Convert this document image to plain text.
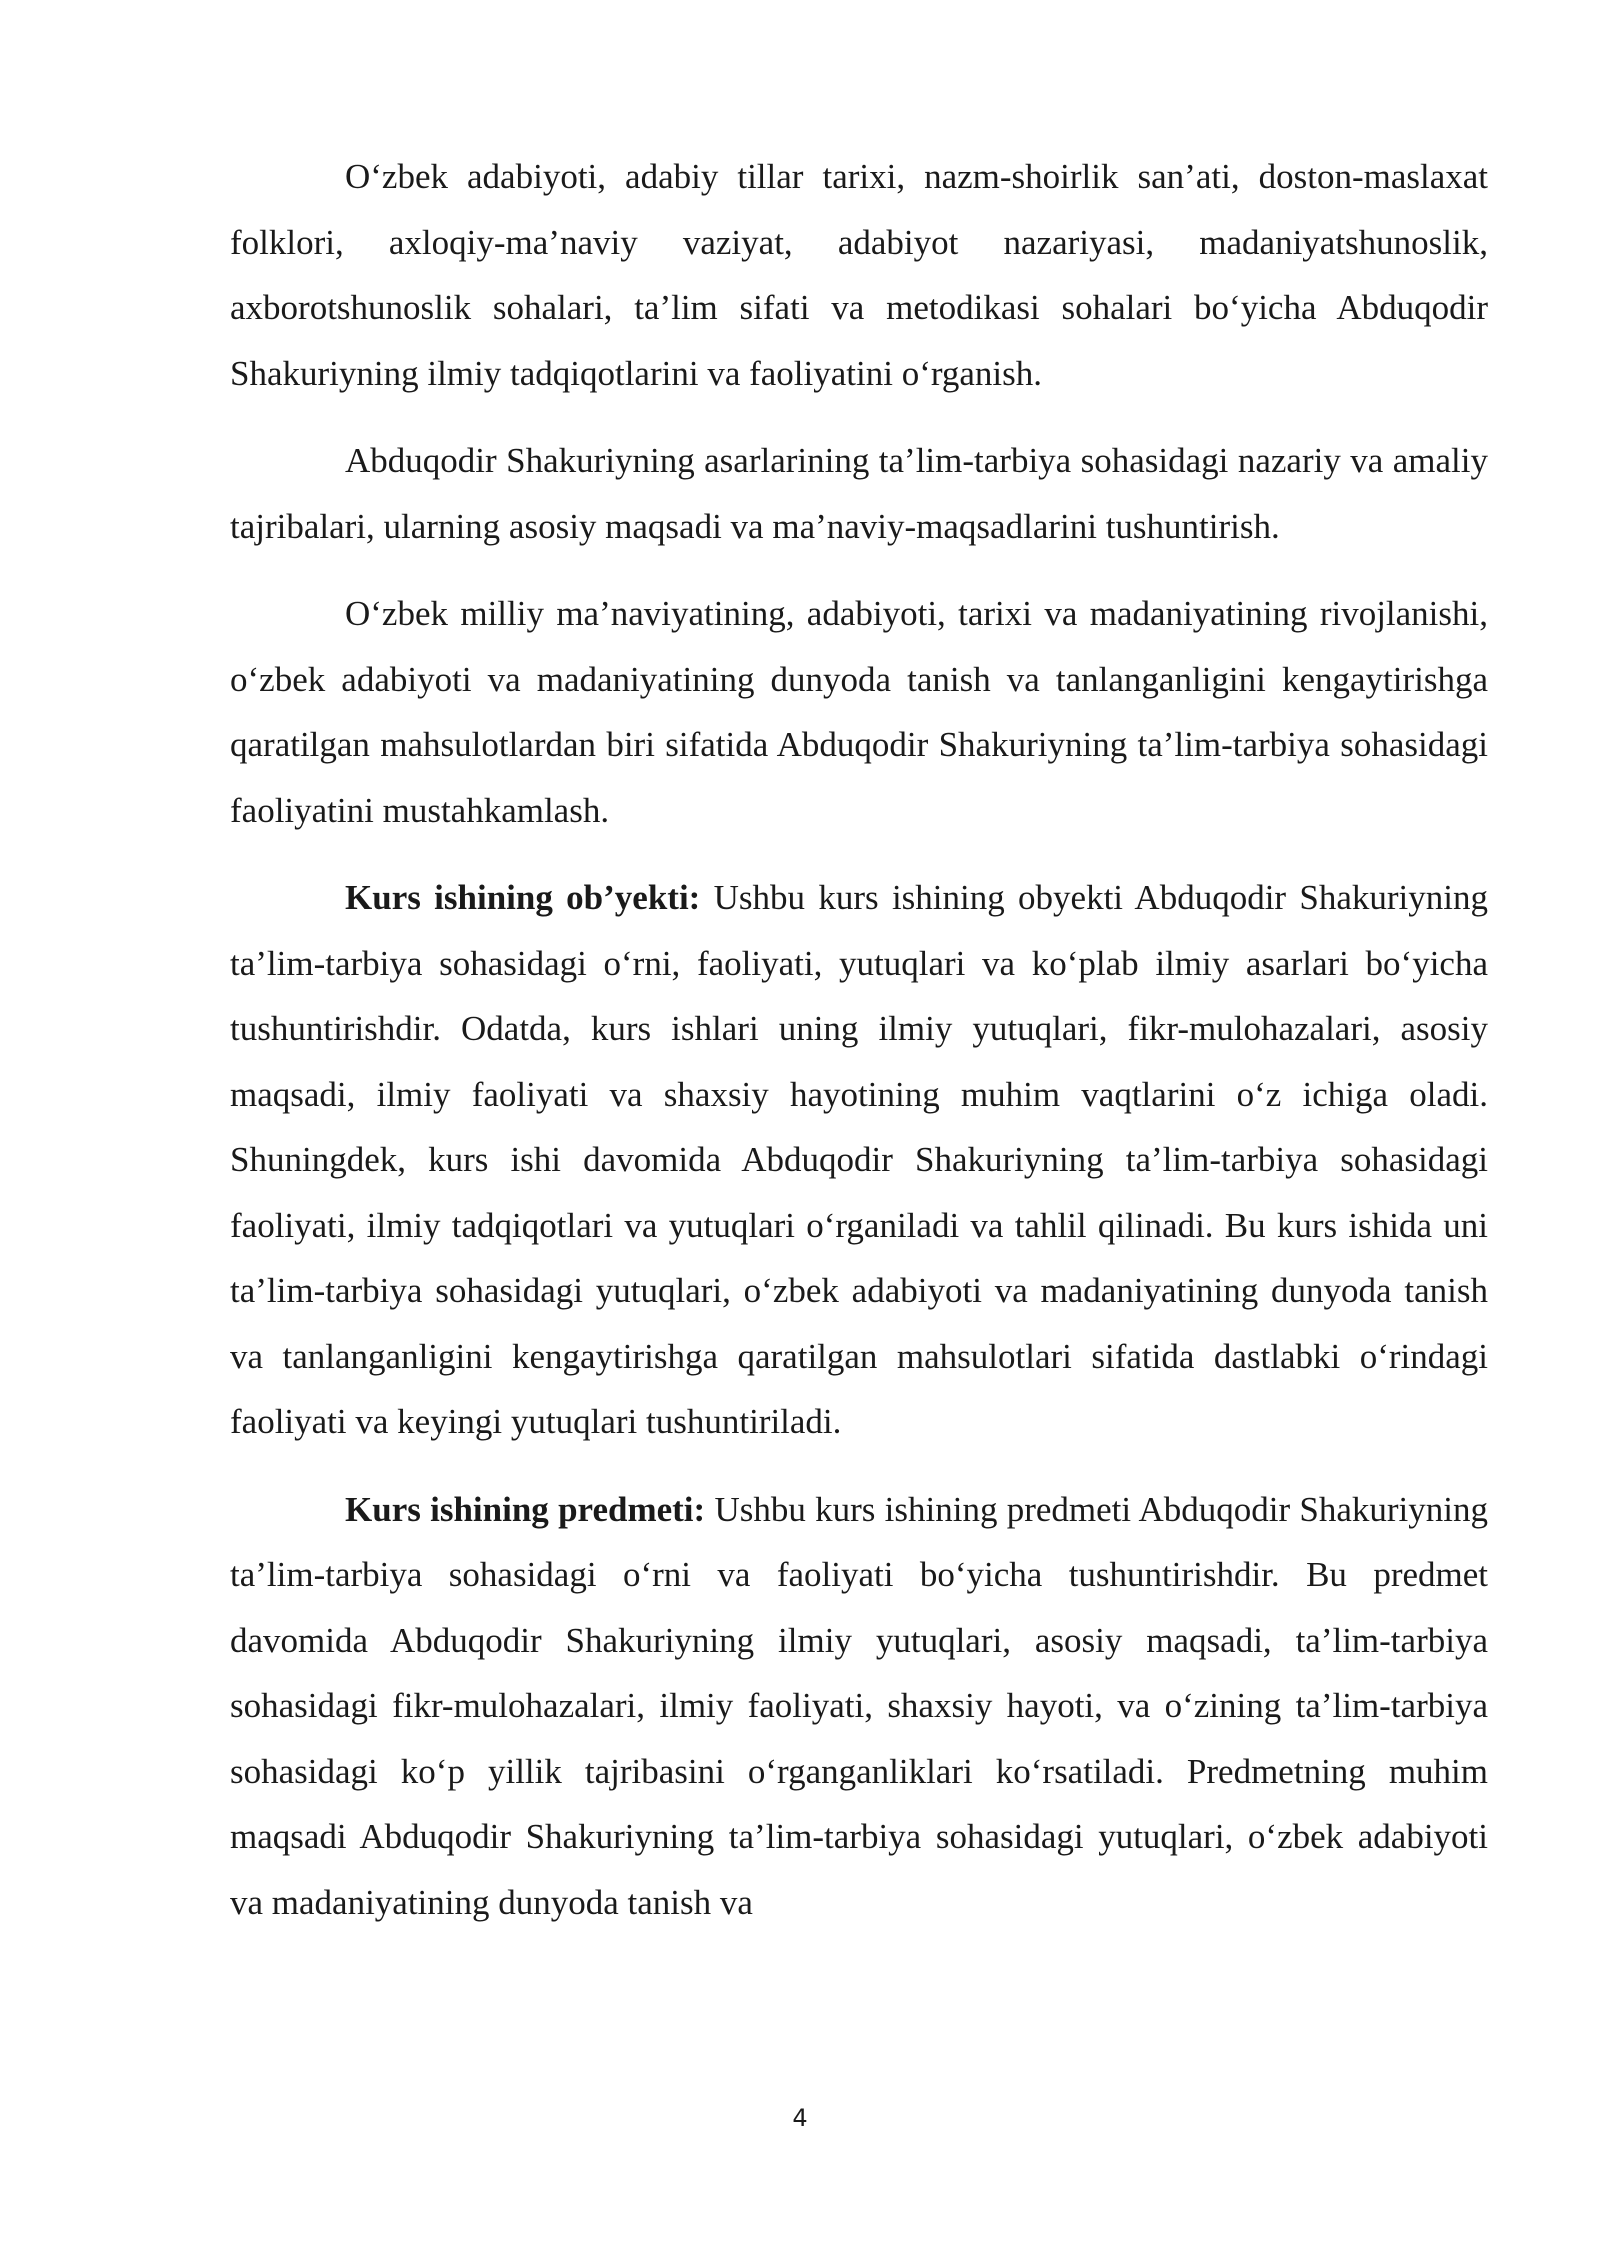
O‘zbek adabiyoti, adabiy tillar tarixi, nazm-shoirlik san’ati, doston-maslaxat folklori, axloqiy-ma’naviy vaziyat, adabiyot nazariyasi, madaniyatshunoslik, axborotshunoslik sohalari, ta’lim sifati va metodikasi sohalari bo‘yicha Abduqodir Shakuriyning ilmiy tadqiqotlarini va faoliyatini o‘rganish.

Abduqodir Shakuriyning asarlarining ta’lim-tarbiya sohasidagi nazariy va amaliy tajribalari, ularning asosiy maqsadi va ma’naviy-maqsadlarini tushuntirish.

O‘zbek milliy ma’naviyatining, adabiyoti, tarixi va madaniyatining rivojlanishi, o‘zbek adabiyoti va madaniyatining dunyoda tanish va tanlanganligini kengaytirishga qaratilgan mahsulotlardan biri sifatida Abduqodir Shakuriyning ta’lim-tarbiya sohasidagi faoliyatini mustahkamlash.

Kurs ishining ob’yekti: Ushbu kurs ishining obyekti Abduqodir Shakuriyning ta’lim-tarbiya sohasidagi o‘rni, faoliyati, yutuqlari va ko‘plab ilmiy asarlari bo‘yicha tushuntirishdir. Odatda, kurs ishlari uning ilmiy yutuqlari, fikr-mulohazalari, asosiy maqsadi, ilmiy faoliyati va shaxsiy hayotining muhim vaqtlarini o‘z ichiga oladi. Shuningdek, kurs ishi davomida Abduqodir Shakuriyning ta’lim-tarbiya sohasidagi faoliyati, ilmiy tadqiqotlari va yutuqlari o‘rganiladi va tahlil qilinadi. Bu kurs ishida uni ta’lim-tarbiya sohasidagi yutuqlari, o‘zbek adabiyoti va madaniyatining dunyoda tanish va tanlanganligini kengaytirishga qaratilgan mahsulotlari sifatida dastlabki o‘rindagi faoliyati va keyingi yutuqlari tushuntiriladi.

Kurs ishining predmeti: Ushbu kurs ishining predmeti Abduqodir Shakuriyning ta’lim-tarbiya sohasidagi o‘rni va faoliyati bo‘yicha tushuntirishdir. Bu predmet davomida Abduqodir Shakuriyning ilmiy yutuqlari, asosiy maqsadi, ta’lim-tarbiya sohasidagi fikr-mulohazalari, ilmiy faoliyati, shaxsiy hayoti, va o‘zining ta’lim-tarbiya sohasidagi ko‘p yillik tajribasini o‘rganganliklari ko‘rsatiladi. Predmetning muhim maqsadi Abduqodir Shakuriyning ta’lim-tarbiya sohasidagi yutuqlari, o‘zbek adabiyoti va madaniyatining dunyoda tanish va

4
